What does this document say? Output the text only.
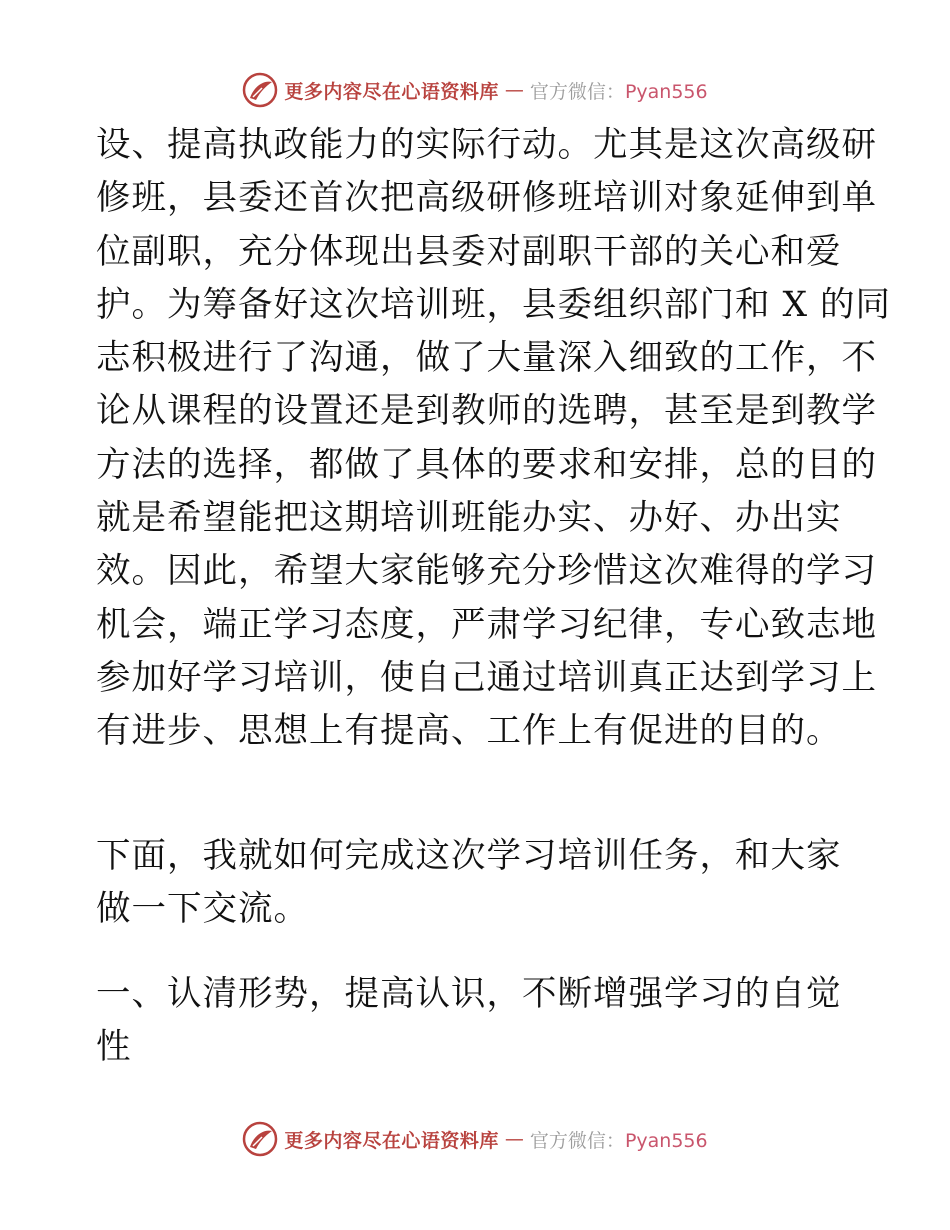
更多内容尽在心语资料库 — 官方微信：Pyan556
设、提高执政能力的实际行动。尤其是这次高级研
修班，县委还首次把高级研修班培训对象延伸到单
位副职，充分体现出县委对副职干部的关心和爱
护。为筹备好这次培训班，县委组织部门和 X 的同
志积极进行了沟通，做了大量深入细致的工作，不
论从课程的设置还是到教师的选聘，甚至是到教学
方法的选择，都做了具体的要求和安排，总的目的
就是希望能把这期培训班能办实、办好、办出实
效。因此，希望大家能够充分珍惜这次难得的学习
机会，端正学习态度，严肃学习纪律，专心致志地
参加好学习培训，使自己通过培训真正达到学习上
有进步、思想上有提高、工作上有促进的目的。
下面，我就如何完成这次学习培训任务，和大家
做一下交流。
一、认清形势，提高认识，不断增强学习的自觉
性
更多内容尽在心语资料库 — 官方微信：Pyan556
